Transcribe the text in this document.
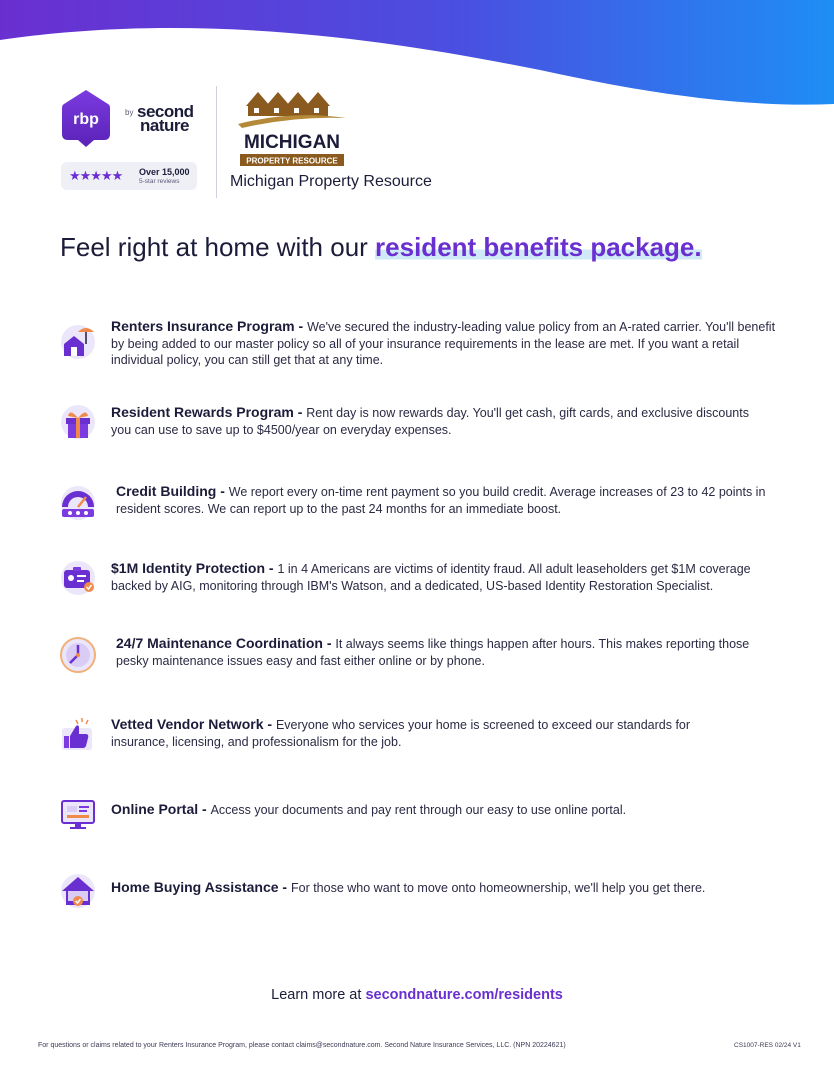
rbp	by second
nature
★★★★★ Over 15,000
5-star reviews
MICHIGAN
PROPERTY RESOURCE
Michigan Property Resource
Feel right at home with our resident benefits package.
Renters Insurance Program - We've secured the industry-leading value policy from an A-rated carrier. You'll benefit by being added to our master policy so all of your insurance requirements in the lease are met. If you want a retail individual policy, you can still get that at any time.
Resident Rewards Program - Rent day is now rewards day. You'll get cash, gift cards, and exclusive discounts you can use to save up to $4500/year on everyday expenses.
Credit Building - We report every on-time rent payment so you build credit. Average increases of 23 to 42 points in resident scores. We can report up to the past 24 months for an immediate boost.
$1M Identity Protection - 1 in 4 Americans are victims of identity fraud. All adult leaseholders get $1M coverage backed by AIG, monitoring through IBM's Watson, and a dedicated, US-based Identity Restoration Specialist.
24/7 Maintenance Coordination - It always seems like things happen after hours. This makes reporting those pesky maintenance issues easy and fast either online or by phone.
Vetted Vendor Network - Everyone who services your home is screened to exceed our standards for insurance, licensing, and professionalism for the job.
Online Portal - Access your documents and pay rent through our easy to use online portal.
Home Buying Assistance - For those who want to move onto homeownership, we'll help you get there.
Learn more at secondnature.com/residents
For questions or claims related to your Renters Insurance Program, please contact claims@secondnature.com. Second Nature Insurance Services, LLC. (NPN 20224621)	CS1007-RES 02/24 V1
